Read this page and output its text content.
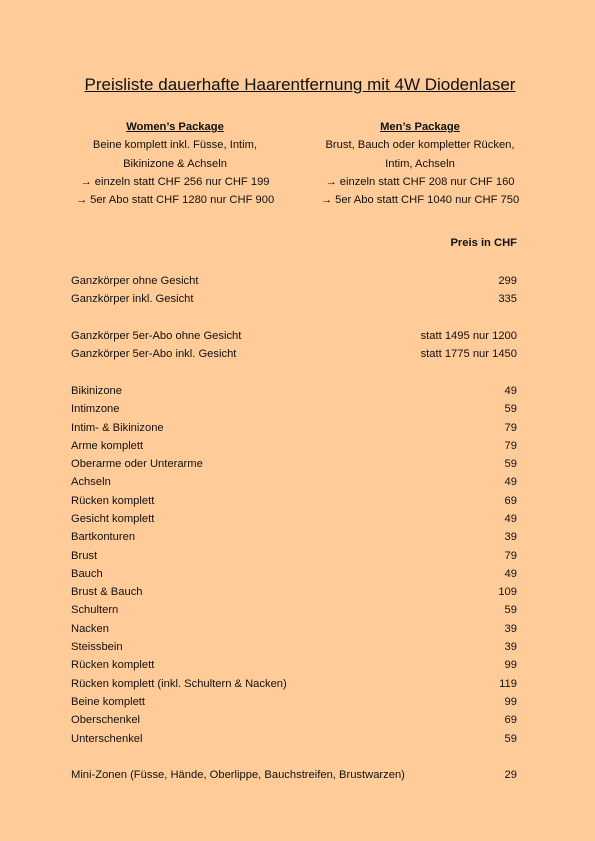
Preisliste dauerhafte Haarentfernung mit 4W Diodenlaser
Women’s Package
Beine komplett inkl. Füsse, Intim,
Bikinizone & Achseln
→ einzeln statt CHF 256 nur CHF 199
→ 5er Abo statt CHF 1280 nur CHF 900
Men’s Package
Brust, Bauch oder kompletter Rücken,
Intim, Achseln
→ einzeln statt CHF 208 nur CHF 160
→ 5er Abo statt CHF 1040 nur CHF 750
Preis in CHF
Ganzkörper ohne Gesicht	299
Ganzkörper inkl. Gesicht	335
Ganzkörper 5er-Abo ohne Gesicht	statt 1495 nur 1200
Ganzkörper 5er-Abo inkl. Gesicht	statt 1775 nur 1450
Bikinizone	49
Intimzone	59
Intim- & Bikinizone	79
Arme komplett	79
Oberarme oder Unterarme	59
Achseln	49
Rücken komplett	69
Gesicht komplett	49
Bartkonturen	39
Brust	79
Bauch	49
Brust & Bauch	109
Schultern	59
Nacken	39
Steissbein	39
Rücken komplett	99
Rücken komplett (inkl. Schultern & Nacken)	119
Beine komplett	99
Oberschenkel	69
Unterschenkel	59
Mini-Zonen (Füsse, Hände, Oberlippe, Bauchstreifen, Brustwarzen)	29
